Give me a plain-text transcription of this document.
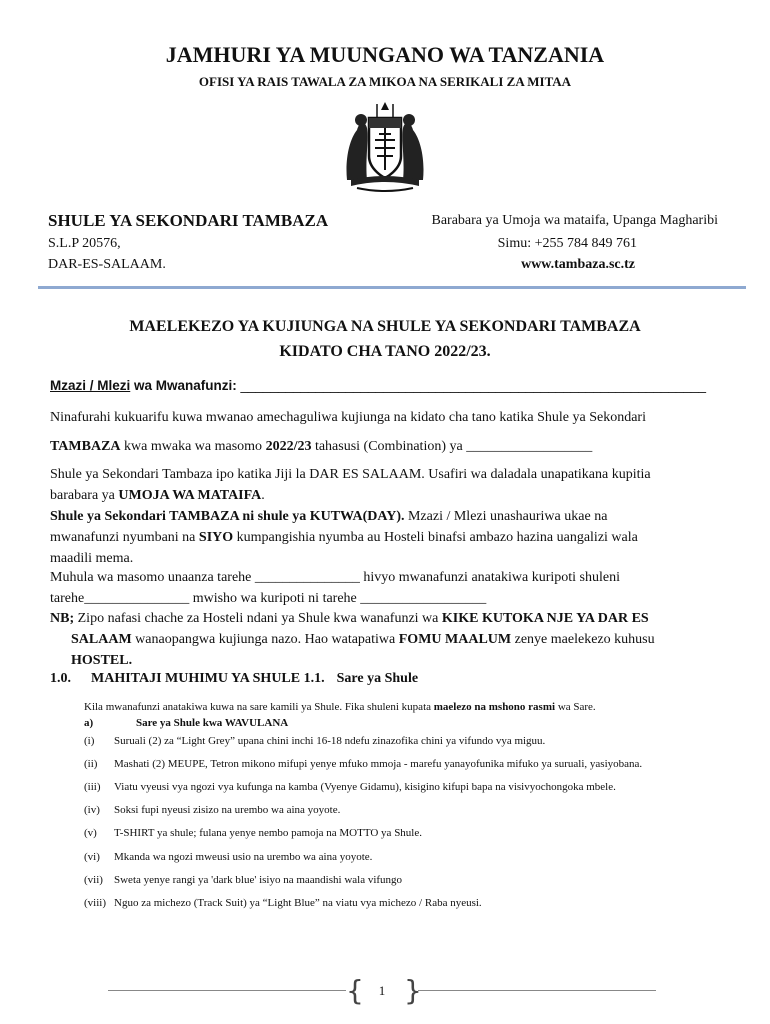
JAMHURI YA MUUNGANO WA TANZANIA
OFISI YA RAIS TAWALA ZA MIKOA NA SERIKALI ZA MITAA
SHULE YA SEKONDARI TAMBAZA
S.L.P 20576,
DAR-ES-SALAAM.
Barabara ya Umoja wa mataifa, Upanga Magharibi
Simu: +255 784 849 761
www.tambaza.sc.tz
MAELEKEZO YA KUJIUNGA NA SHULE YA SEKONDARI TAMBAZA
KIDATO CHA TANO 2022/23.
Mzazi / Mlezi wa Mwanafunzi: ______________________________________________________________
Ninafurahi kukuarifu kuwa mwanao amechaguliwa kujiunga na kidato cha tano katika Shule ya Sekondari
TAMBAZA kwa mwaka wa masomo 2022/23 tahasusi (Combination) ya __________________
Shule ya Sekondari Tambaza ipo katika Jiji la DAR ES SALAAM. Usafiri wa daladala unapatikana kupitia
barabara ya UMOJA WA MATAIFA.
Shule ya Sekondari TAMBAZA ni shule ya KUTWA(DAY). Mzazi / Mlezi unashauriwa ukae na
mwanafunzi nyumbani na SIYO kumpangishia nyumba au Hosteli binafsi ambazo hazina uangalizi wala
maadili mema.
Muhula wa masomo unaanza tarehe _______________ hivyo mwanafunzi anatakiwa kuripoti shuleni
tarehe_______________ mwisho wa kuripoti ni tarehe __________________
NB; Zipo nafasi chache za Hosteli ndani ya Shule kwa wanafunzi wa KIKE KUTOKA NJE YA DAR ES
SALAAM wanaopangwa kujiunga nazo. Hao watapatiwa FOMU MAALUM zenye maelekezo kuhusu
HOSTEL.
1.0. MAHITAJI MUHIMU YA SHULE 1.1. Sare ya Shule
Kila mwanafunzi anatakiwa kuwa na sare kamili ya Shule. Fika shuleni kupata maelezo na mshono rasmi wa Sare.
a)	Sare ya Shule kwa WAVULANA
(i) Suruali (2) za “Light Grey” upana chini inchi 16-18 ndefu zinazofika chini ya vifundo vya miguu.
(ii) Mashati (2) MEUPE, Tetron mikono mifupi yenye mfuko mmoja - marefu yanayofunika mifuko ya suruali, yasiyobana.
(iii) Viatu vyeusi vya ngozi vya kufunga na kamba (Vyenye Gidamu), kisigino kifupi bapa na visivyochongoka mbele.
(iv) Soksi fupi nyeusi zisizo na urembo wa aina yoyote.
(v) T-SHIRT ya shule; fulana yenye nembo pamoja na MOTTO ya Shule.
(vi) Mkanda wa ngozi mweusi usio na urembo wa aina yoyote.
(vii) Sweta yenye rangi ya 'dark blue' isiyo na maandishi wala vifungo
(viii) Nguo za michezo (Track Suit) ya “Light Blue” na viatu vya michezo / Raba nyeusi.
{ }
1
